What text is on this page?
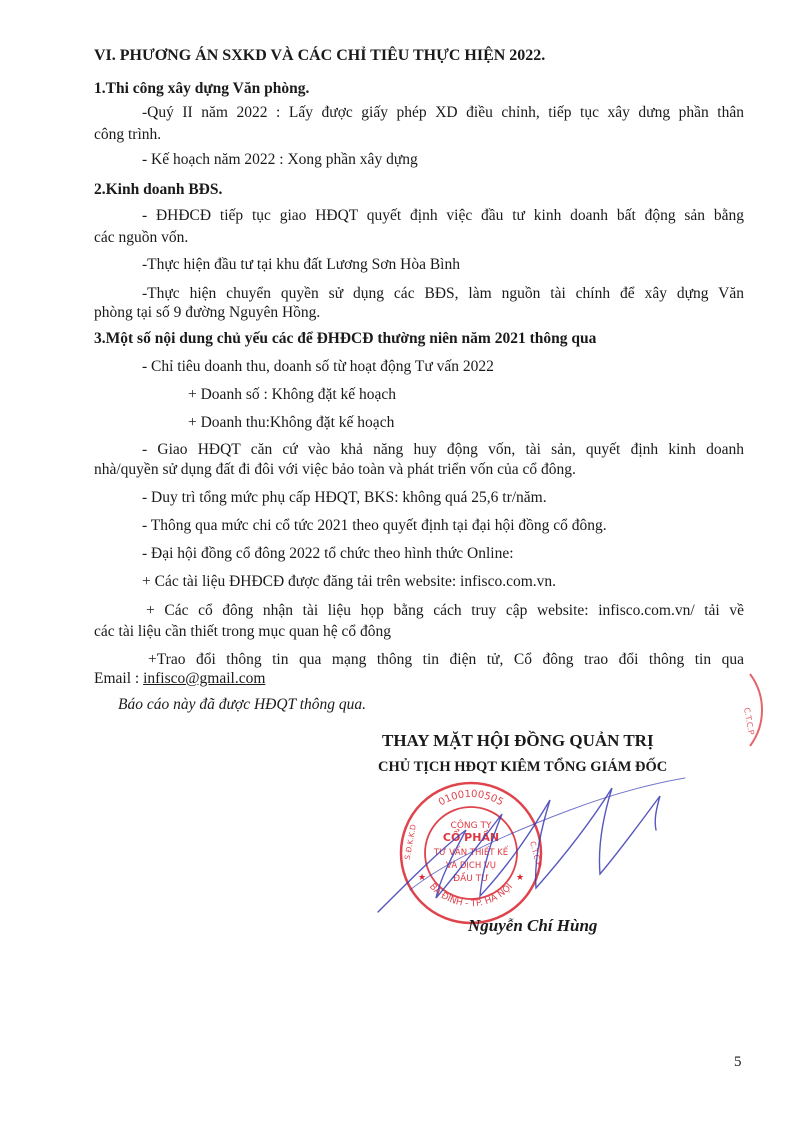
VI. PHƯƠNG ÁN SXKD VÀ CÁC CHỈ TIÊU THỰC HIỆN 2022.
1.Thi công xây dựng Văn phòng.
-Quý II năm 2022 : Lấy được giấy phép XD điều chỉnh, tiếp tục xây dưng phần thân
công trình.
- Kế hoạch năm 2022 : Xong phần xây dựng
2.Kinh doanh BĐS.
- ĐHĐCĐ tiếp tục giao HĐQT quyết định việc đầu tư kinh doanh bất động sản bằng
các nguồn vốn.
-Thực hiện đầu tư tại khu đất Lương Sơn Hòa Bình
-Thực hiện chuyển quyền sử dụng các BĐS, làm nguồn tài chính để xây dựng Văn
phòng tại số 9 đường Nguyên Hồng.
3.Một số nội dung chủ yếu các để ĐHĐCĐ thường niên năm 2021 thông qua
- Chỉ tiêu doanh thu, doanh số từ hoạt động Tư vấn 2022
+ Doanh số : Không đặt kế hoạch
+ Doanh thu:Không đặt kế hoạch
- Giao HĐQT căn cứ vào khả năng huy động vốn, tài sản, quyết định kinh doanh
nhà/quyền sử dụng đất đi đôi với việc bảo toàn và phát triển vốn của cổ đông.
- Duy trì tổng mức phụ cấp HĐQT, BKS: không quá 25,6 tr/năm.
- Thông qua mức chi cổ tức 2021 theo quyết định tại đại hội đồng cổ đông.
- Đại hội đồng cổ đông 2022 tổ chức theo hình thức Online:
+ Các tài liệu ĐHĐCĐ được đăng tải trên website: infisco.com.vn.
+ Các cổ đông nhận tài liệu họp bằng cách truy cập website: infisco.com.vn/ tải về
các tài liệu cần thiết trong mục quan hệ cổ đông
+Trao đổi thông tin qua mạng thông tin điện tử, Cổ đông trao đổi thông tin qua
Email : infisco@gmail.com
Báo cáo này đã được HĐQT thông qua.
THAY MẶT HỘI ĐỒNG QUẢN TRỊ
CHỦ TỊCH HĐQT KIÊM TỔNG GIÁM ĐỐC
0100100505
BA ĐÌNH - TP. HÀ NỘI
S.Đ.K.K.D	C.T.C.P
CÔNG TY
CỔ PHẦN
TƯ VẤN THIẾT KẾ
VÀ DỊCH VỤ
ĐẦU TƯ
★	★
Nguyễn Chí Hùng
C.T.C.P
5
